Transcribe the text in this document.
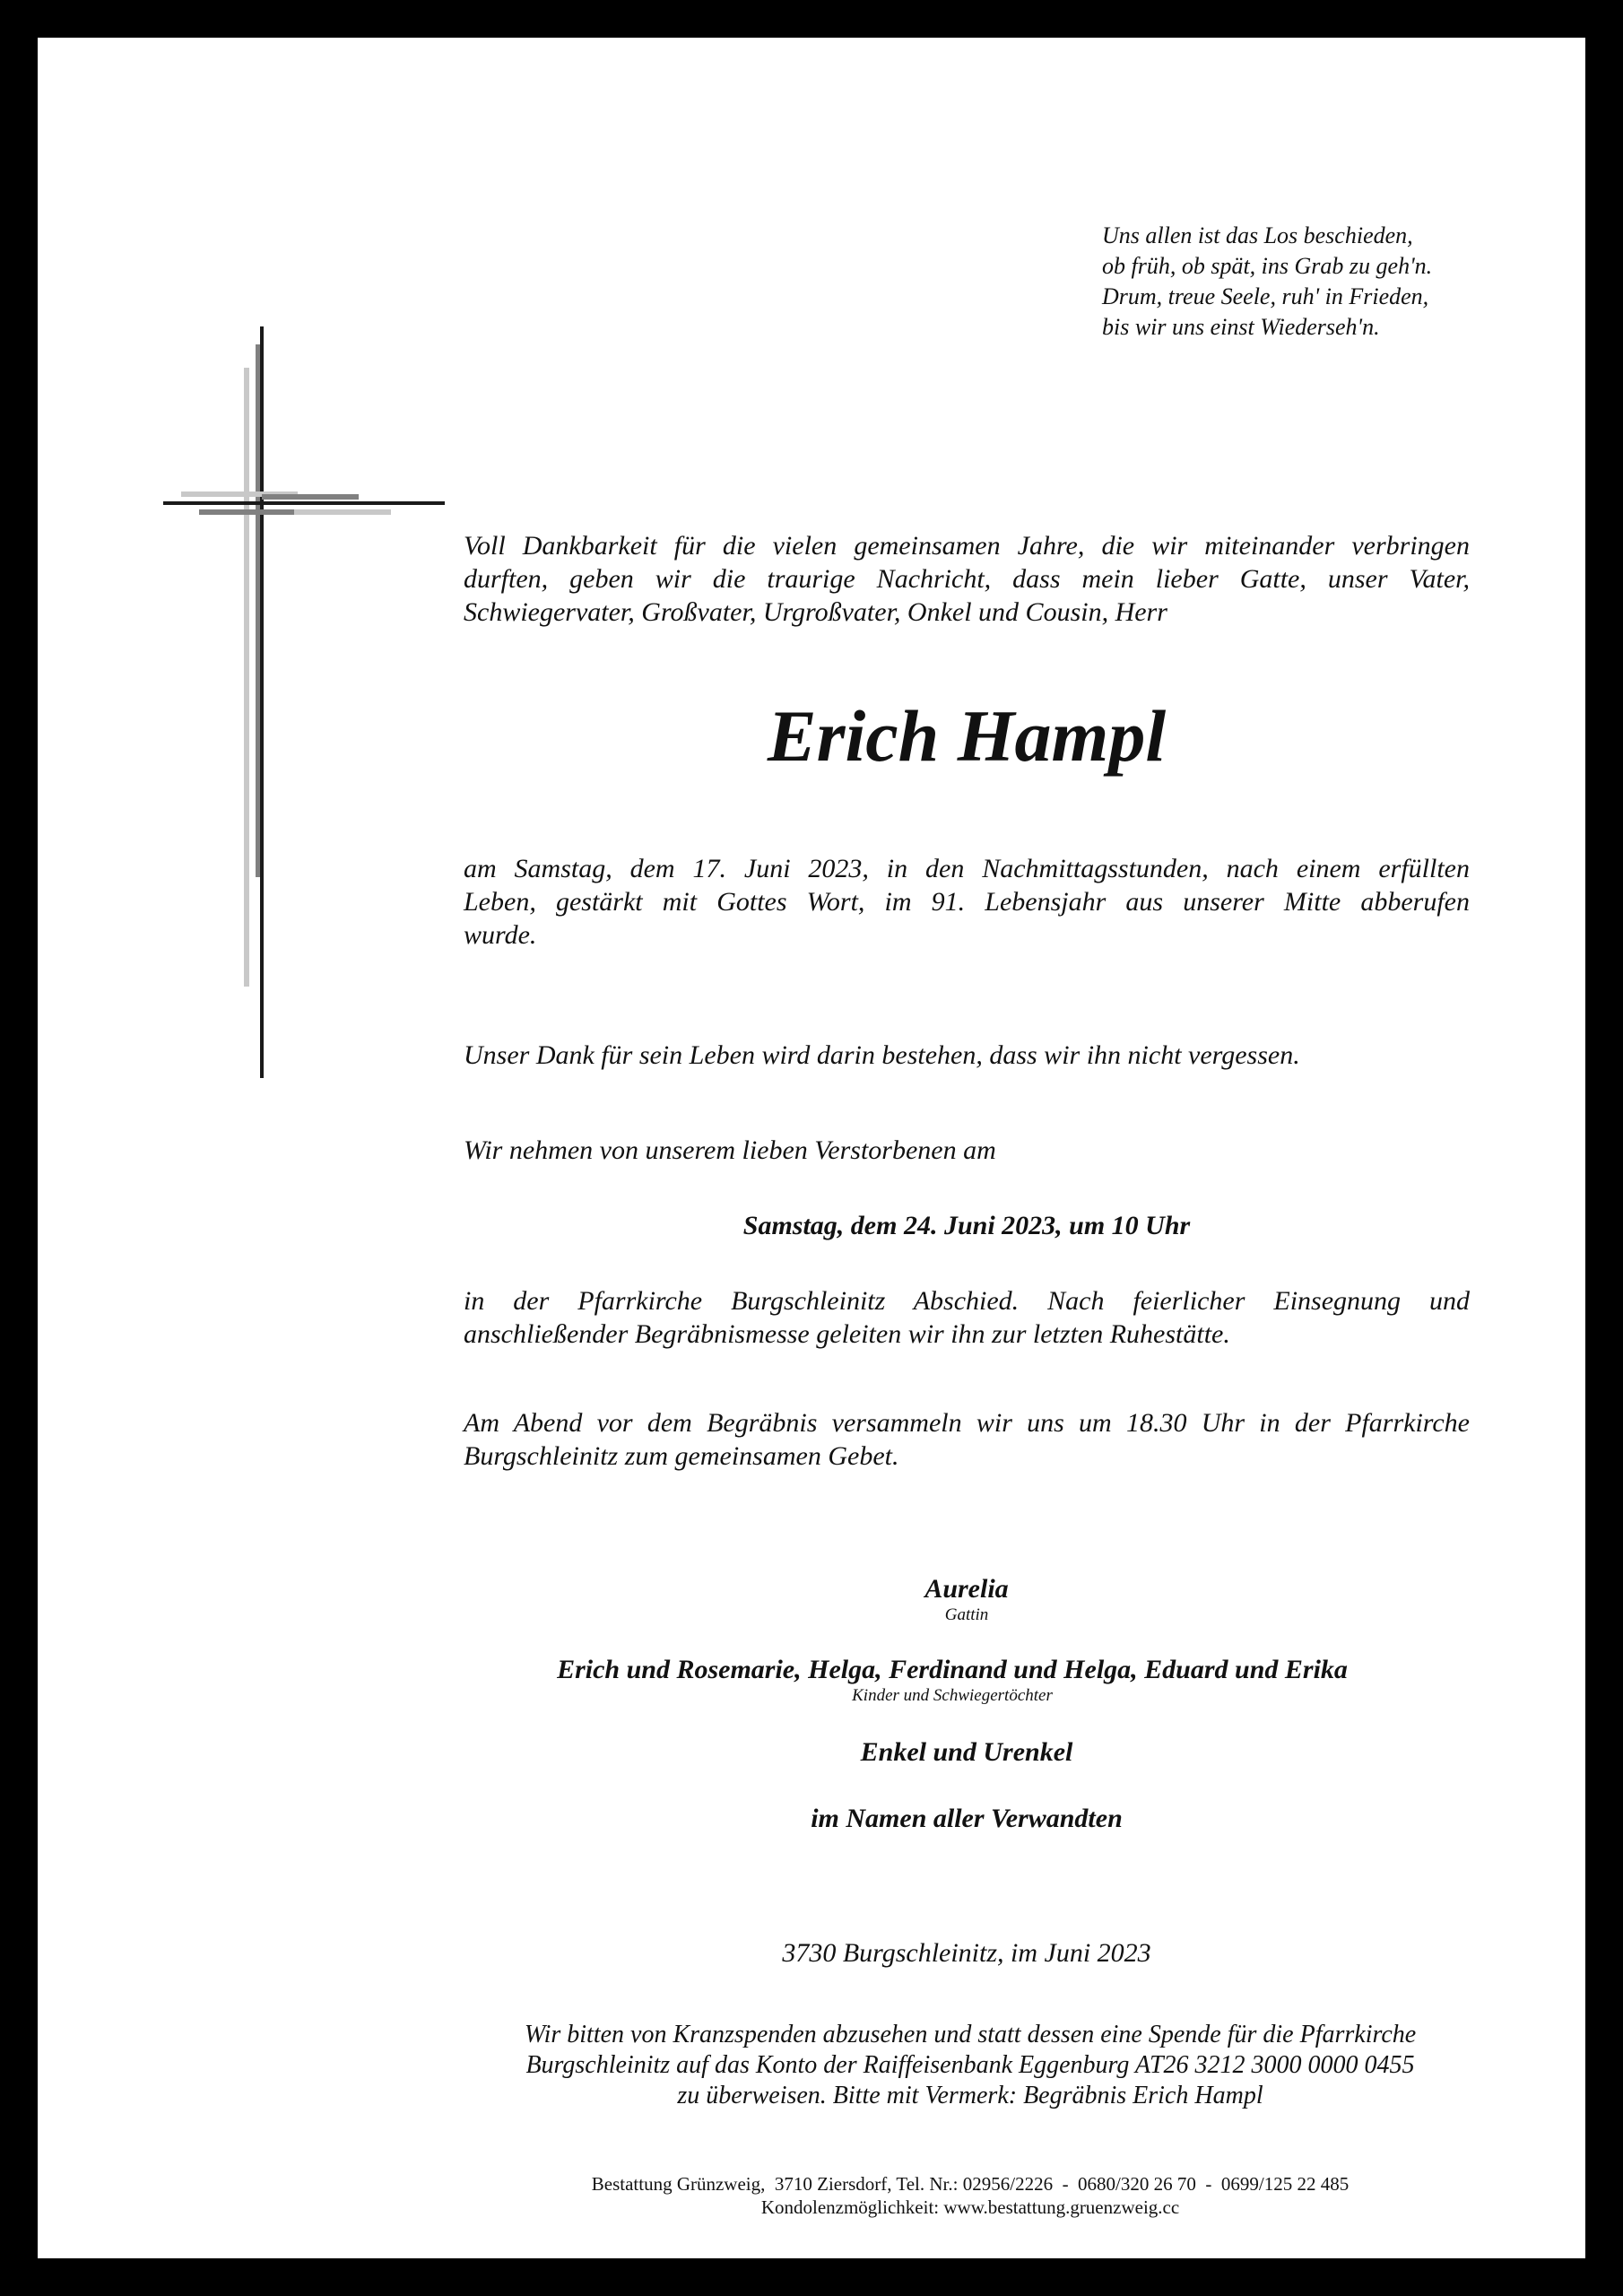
Uns allen ist das Los beschieden,
ob früh, ob spät, ins Grab zu geh'n.
Drum, treue Seele, ruh' in Frieden,
bis wir uns einst Wiederseh'n.
Voll Dankbarkeit für die vielen gemeinsamen Jahre, die wir miteinander verbringen
durften, geben wir die traurige Nachricht, dass mein lieber Gatte, unser Vater,
Schwiegervater, Großvater, Urgroßvater, Onkel und Cousin, Herr
Erich Hampl
am Samstag, dem 17. Juni 2023, in den Nachmittagsstunden, nach einem erfüllten
Leben, gestärkt mit Gottes Wort, im 91. Lebensjahr aus unserer Mitte abberufen
wurde.
Unser Dank für sein Leben wird darin bestehen, dass wir ihn nicht vergessen.
Wir nehmen von unserem lieben Verstorbenen am
Samstag, dem 24. Juni 2023, um 10 Uhr
in der Pfarrkirche Burgschleinitz Abschied. Nach feierlicher Einsegnung und
anschließender Begräbnismesse geleiten wir ihn zur letzten Ruhestätte.
Am Abend vor dem Begräbnis versammeln wir uns um 18.30 Uhr in der Pfarrkirche
Burgschleinitz zum gemeinsamen Gebet.
Aurelia
Gattin
Erich und Rosemarie, Helga, Ferdinand und Helga, Eduard und Erika
Kinder und Schwiegertöchter
Enkel und Urenkel
im Namen aller Verwandten
3730 Burgschleinitz, im Juni 2023
Wir bitten von Kranzspenden abzusehen und statt dessen eine Spende für die Pfarrkirche
Burgschleinitz auf das Konto der Raiffeisenbank Eggenburg AT26 3212 3000 0000 0455
zu überweisen. Bitte mit Vermerk: Begräbnis Erich Hampl
Bestattung Grünzweig,  3710 Ziersdorf, Tel. Nr.: 02956/2226  -  0680/320 26 70  -  0699/125 22 485
Kondolenzmöglichkeit: www.bestattung.gruenzweig.cc
